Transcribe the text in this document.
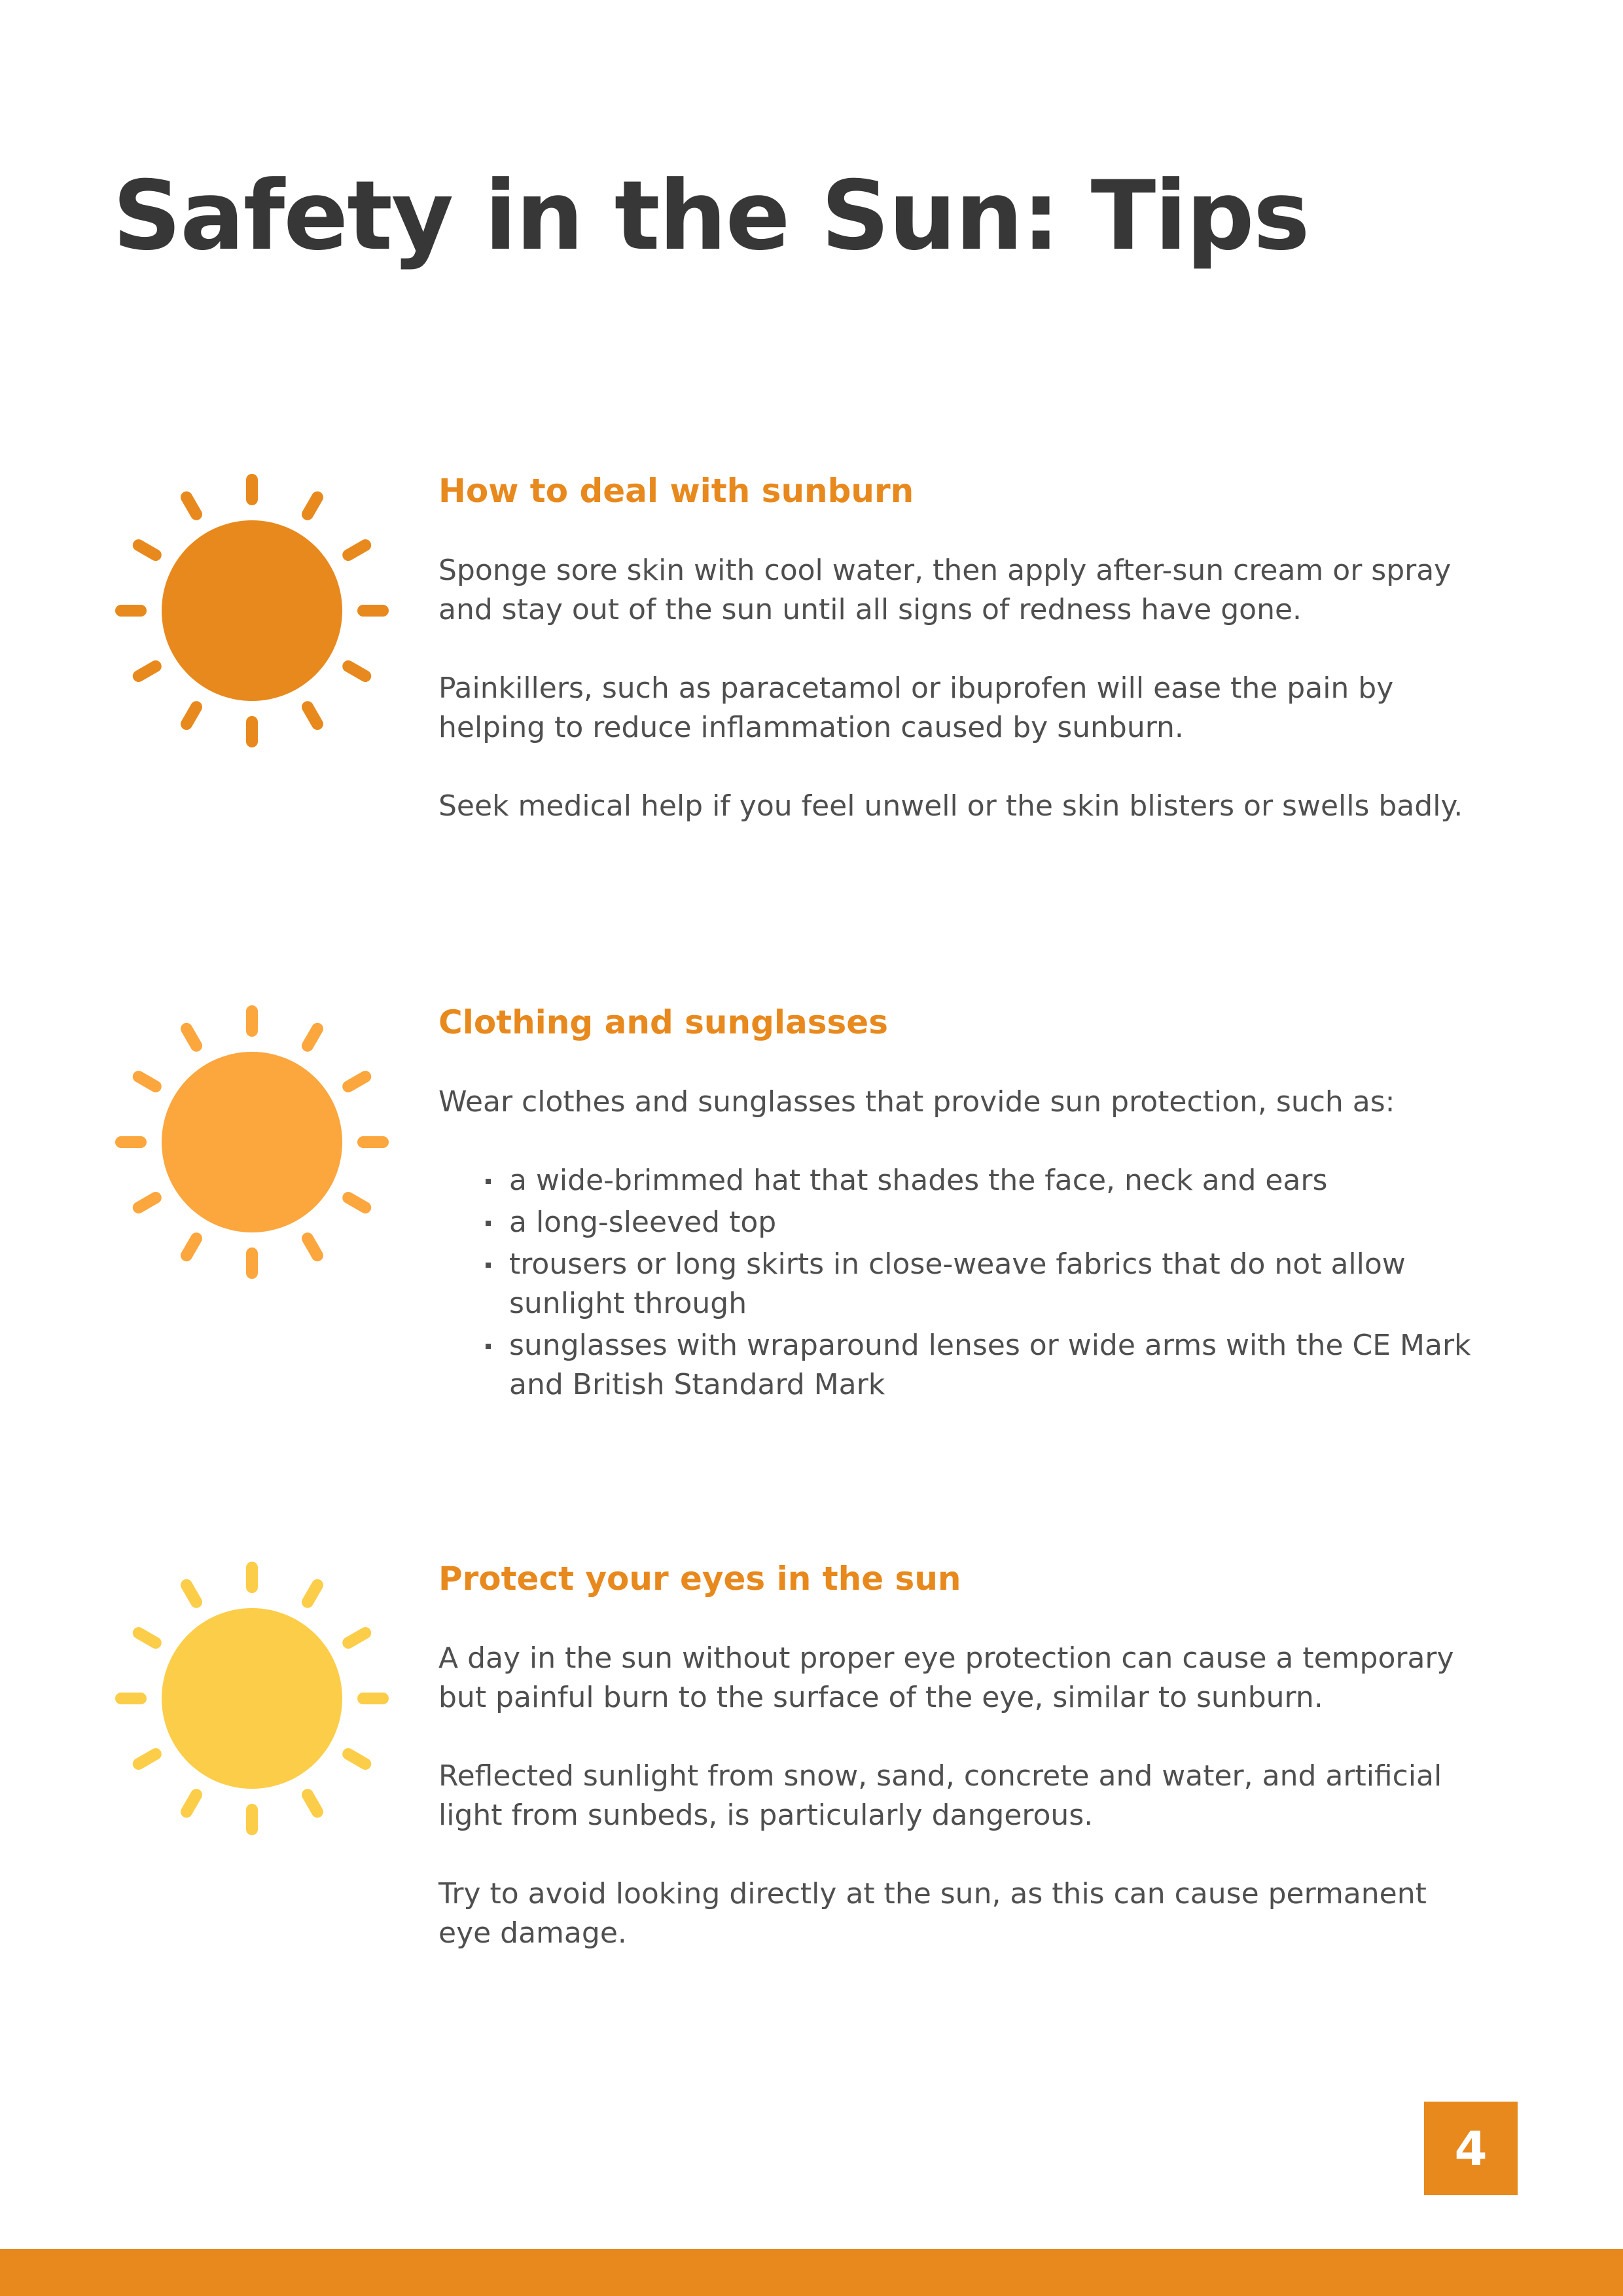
Safety in the Sun: Tips
How to deal with sunburn

Sponge sore skin with cool water, then apply after-sun cream or spray and stay out of the sun until all signs of redness have gone.

Painkillers, such as paracetamol or ibuprofen will ease the pain by helping to reduce inflammation caused by sunburn.

Seek medical help if you feel unwell or the skin blisters or swells badly.

Clothing and sunglasses

Wear clothes and sunglasses that provide sun protection, such as:

a wide-brimmed hat that shades the face, neck and ears
a long-sleeved top
trousers or long skirts in close-weave fabrics that do not allow sunlight through
sunglasses with wraparound lenses or wide arms with the CE Mark and British Standard Mark
Protect your eyes in the sun

A day in the sun without proper eye protection can cause a temporary but painful burn to the surface of the eye, similar to sunburn.

Reflected sunlight from snow, sand, concrete and water, and artificial light from sunbeds, is particularly dangerous.

Try to avoid looking directly at the sun, as this can cause permanent eye damage.

4
